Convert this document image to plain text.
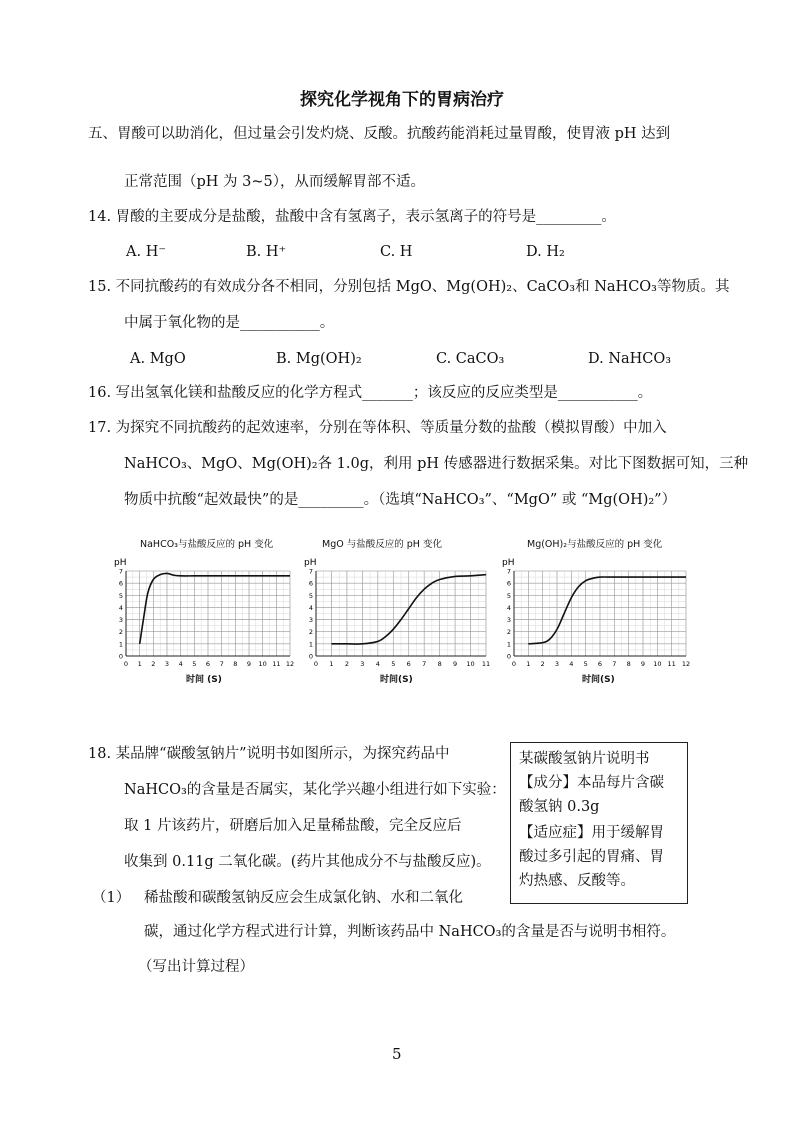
探究化学视角下的胃病治疗
五、胃酸可以助消化，但过量会引发灼烧、反酸。抗酸药能消耗过量胃酸，使胃液 pH 达到
正常范围（pH 为 3~5），从而缓解胃部不适。
14. 胃酸的主要成分是盐酸，盐酸中含有氢离子，表示氢离子的符号是_________。
A. H⁻	B. H⁺	C. H	D. H₂
15. 不同抗酸药的有效成分各不相同，分别包括 MgO、Mg(OH)₂、CaCO₃和 NaHCO₃等物质。其
中属于氧化物的是___________。
A. MgO	B. Mg(OH)₂	C. CaCO₃	D. NaHCO₃
16. 写出氢氧化镁和盐酸反应的化学方程式_______；该反应的反应类型是___________。
17. 为探究不同抗酸药的起效速率，分别在等体积、等质量分数的盐酸（模拟胃酸）中加入
NaHCO₃、MgO、Mg(OH)₂各 1.0g，利用 pH 传感器进行数据采集。对比下图数据可知，三种
物质中抗酸“起效最快”的是_________。（选填“NaHCO₃”、“MgO” 或 “Mg(OH)₂”）
NaHCO₃与盐酸反应的 pH 变化	MgO 与盐酸反应的 pH 变化	Mg(OH)₂与盐酸反应的 pH 变化
pH
0 1 2 3 4 5 6 7 8 9 10 11 12
0
1
2
3
4
5
6
7
pH
0 1 2 3 4 5 6 7 8 9 10 11
0
1
2
3
4
5
6
7
pH
0 1 2 3 4 5 6 7 8 9 10 11 12
0
1
2
3
4
5
6
7
时间 (S)	时间(S)	时间(S)
18. 某品牌“碳酸氢钠片”说明书如图所示，为探究药品中
NaHCO₃的含量是否属实，某化学兴趣小组进行如下实验：
取 1 片该药片，研磨后加入足量稀盐酸，完全反应后
收集到 0.11g 二氧化碳。(药片其他成分不与盐酸反应)。
某碳酸氢钠片说明书
【成分】本品每片含碳
酸氢钠 0.3g
【适应症】用于缓解胃
酸过多引起的胃痛、胃
灼热感、反酸等。
（1） 稀盐酸和碳酸氢钠反应会生成氯化钠、水和二氧化
碳，通过化学方程式进行计算，判断该药品中 NaHCO₃的含量是否与说明书相符。
（写出计算过程）
5
